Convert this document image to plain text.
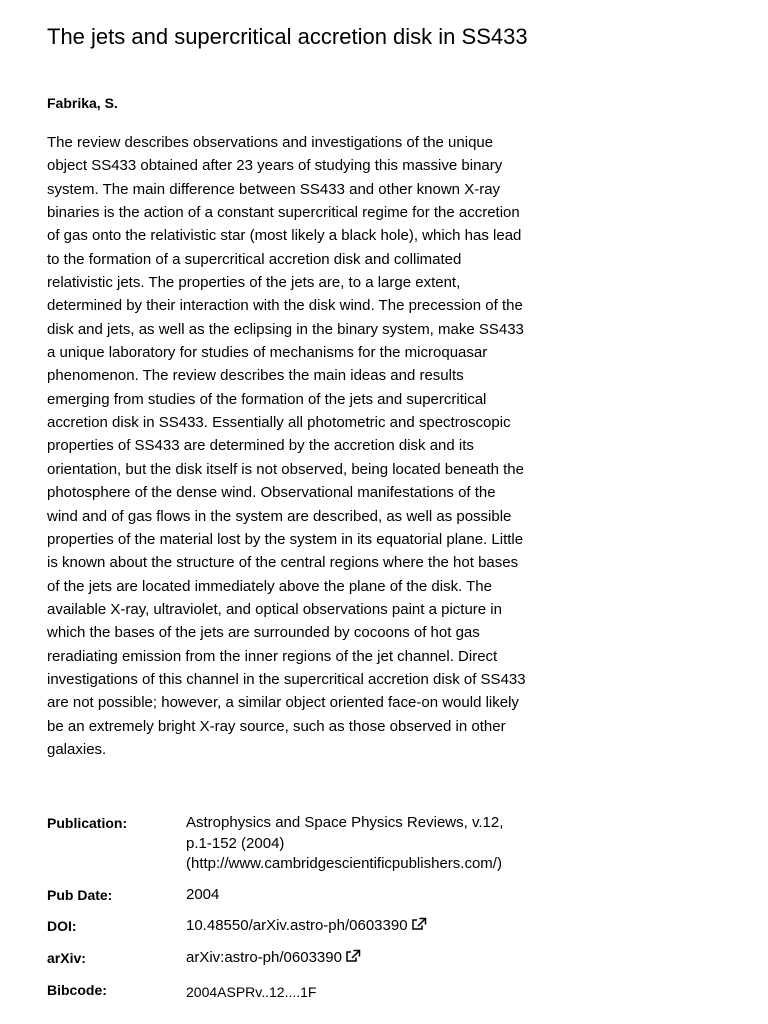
The jets and supercritical accretion disk in SS433

Fabrika, S.

The review describes observations and investigations of the unique object SS433 obtained after 23 years of studying this massive binary system. The main difference between SS433 and other known X-ray binaries is the action of a constant supercritical regime for the accretion of gas onto the relativistic star (most likely a black hole), which has lead to the formation of a supercritical accretion disk and collimated relativistic jets. The properties of the jets are, to a large extent, determined by their interaction with the disk wind. The precession of the disk and jets, as well as the eclipsing in the binary system, make SS433 a unique laboratory for studies of mechanisms for the microquasar phenomenon. The review describes the main ideas and results emerging from studies of the formation of the jets and supercritical accretion disk in SS433. Essentially all photometric and spectroscopic properties of SS433 are determined by the accretion disk and its orientation, but the disk itself is not observed, being located beneath the photosphere of the dense wind. Observational manifestations of the wind and of gas flows in the system are described, as well as possible properties of the material lost by the system in its equatorial plane. Little is known about the structure of the central regions where the hot bases of the jets are located immediately above the plane of the disk. The available X-ray, ultraviolet, and optical observations paint a picture in which the bases of the jets are surrounded by cocoons of hot gas reradiating emission from the inner regions of the jet channel. Direct investigations of this channel in the supercritical accretion disk of SS433 are not possible; however, a similar object oriented face-on would likely be an extremely bright X-ray source, such as those observed in other galaxies.

Publication:	Astrophysics and Space Physics Reviews, v.12,
p.1-152 (2004)
(http://www.cambridgescientificpublishers.com/)
Pub Date:	2004
DOI:	10.48550/arXiv.astro-ph/0603390
arXiv:	arXiv:astro-ph/0603390
Bibcode:	2004ASPRv..12....1F
